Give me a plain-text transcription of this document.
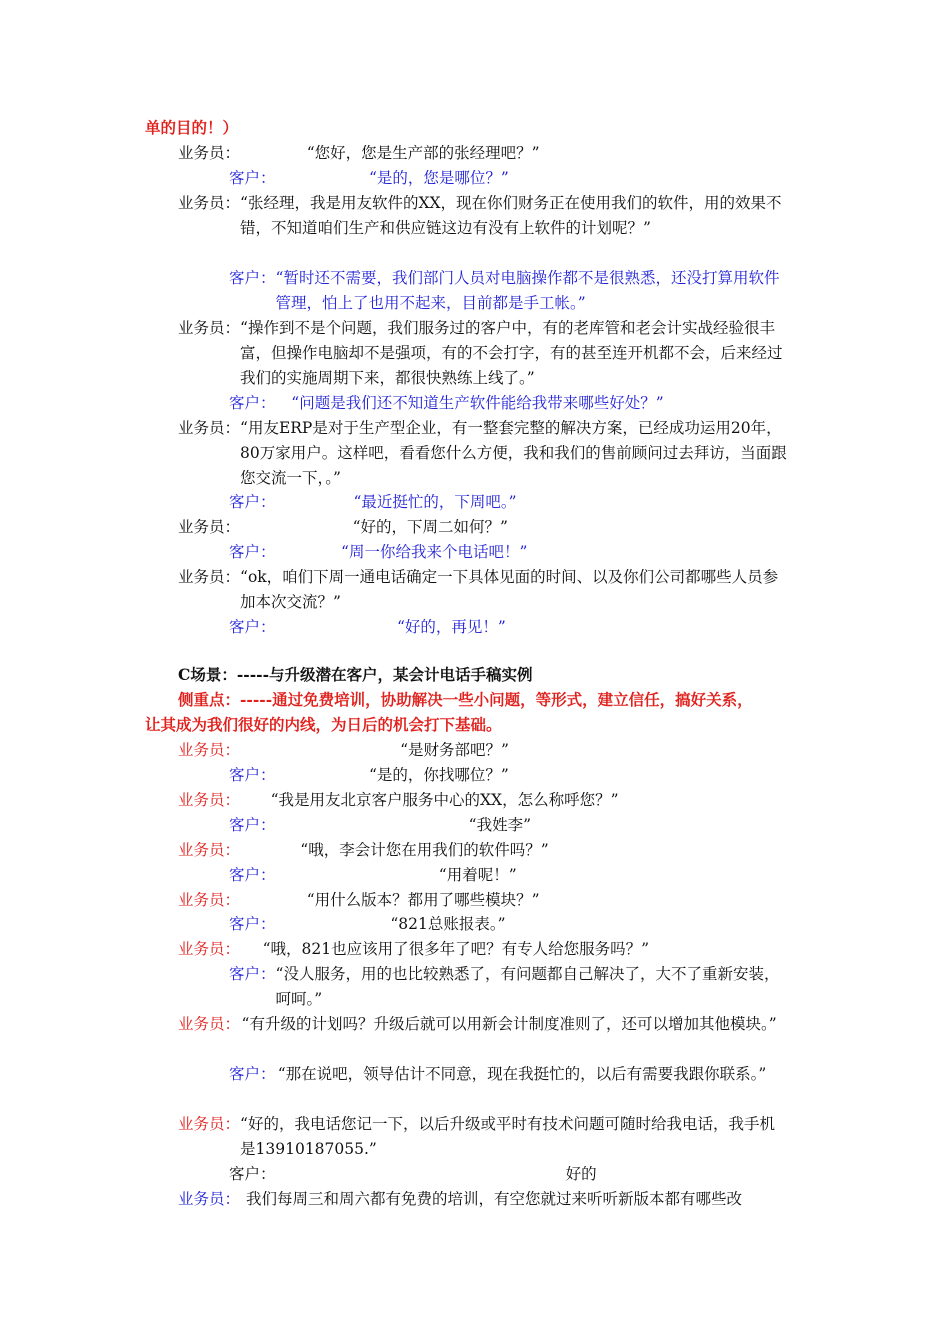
单的目的！）
业务员：	“您好，您是生产部的张经理吧？”
客户：	“是的，您是哪位？”
业务员：	“张经理，我是用友软件的XX，现在你们财务正在使用我们的软件，用的效果不错，不知道咱们生产和供应链这边有没有上软件的计划呢？”
客户：	“暂时还不需要，我们部门人员对电脑操作都不是很熟悉，还没打算用软件管理，怕上了也用不起来，目前都是手工帐。”
业务员：	“操作到不是个问题，我们服务过的客户中，有的老库管和老会计实战经验很丰富，但操作电脑却不是强项，有的不会打字，有的甚至连开机都不会，后来经过我们的实施周期下来，都很快熟练上线了。”
客户：	“问题是我们还不知道生产软件能给我带来哪些好处？”
业务员：	“用友ERP是对于生产型企业，有一整套完整的解决方案，已经成功运用20年，80万家用户。这样吧，看看您什么方便，我和我们的售前顾问过去拜访，当面跟您交流一下，。”
客户：	“最近挺忙的，下周吧。”
业务员：	“好的，下周二如何？”
客户：	“周一你给我来个电话吧！”
业务员：	“ok，咱们下周一通电话确定一下具体见面的时间、以及你们公司都哪些人员参加本次交流？”
客户：	“好的，再见！”
C场景：-----与升级潜在客户，某会计电话手稿实例
侧重点：-----通过免费培训，协助解决一些小问题，等形式，建立信任，搞好关系，
让其成为我们很好的内线，为日后的机会打下基础。
业务员：	“是财务部吧？”
客户：	“是的，你找哪位？”
业务员：	“我是用友北京客户服务中心的XX，怎么称呼您？”
客户：	“我姓李”
业务员：	“哦，李会计您在用我们的软件吗？”
客户：	“用着呢！”
业务员：	“用什么版本？都用了哪些模块？”
客户：	“821总账报表。”
业务员：	“哦，821也应该用了很多年了吧？有专人给您服务吗？”
客户：	“没人服务，用的也比较熟悉了，有问题都自己解决了，大不了重新安装，呵呵。”
业务员：	“有升级的计划吗？升级后就可以用新会计制度准则了，还可以增加其他模块。”
客户：	“那在说吧，领导估计不同意，现在我挺忙的，以后有需要我跟你联系。”
业务员：	“好的，我电话您记一下，以后升级或平时有技术问题可随时给我电话，我手机是13910187055.”
客户：	好的
业务员：	我们每周三和周六都有免费的培训，有空您就过来听听新版本都有哪些改
